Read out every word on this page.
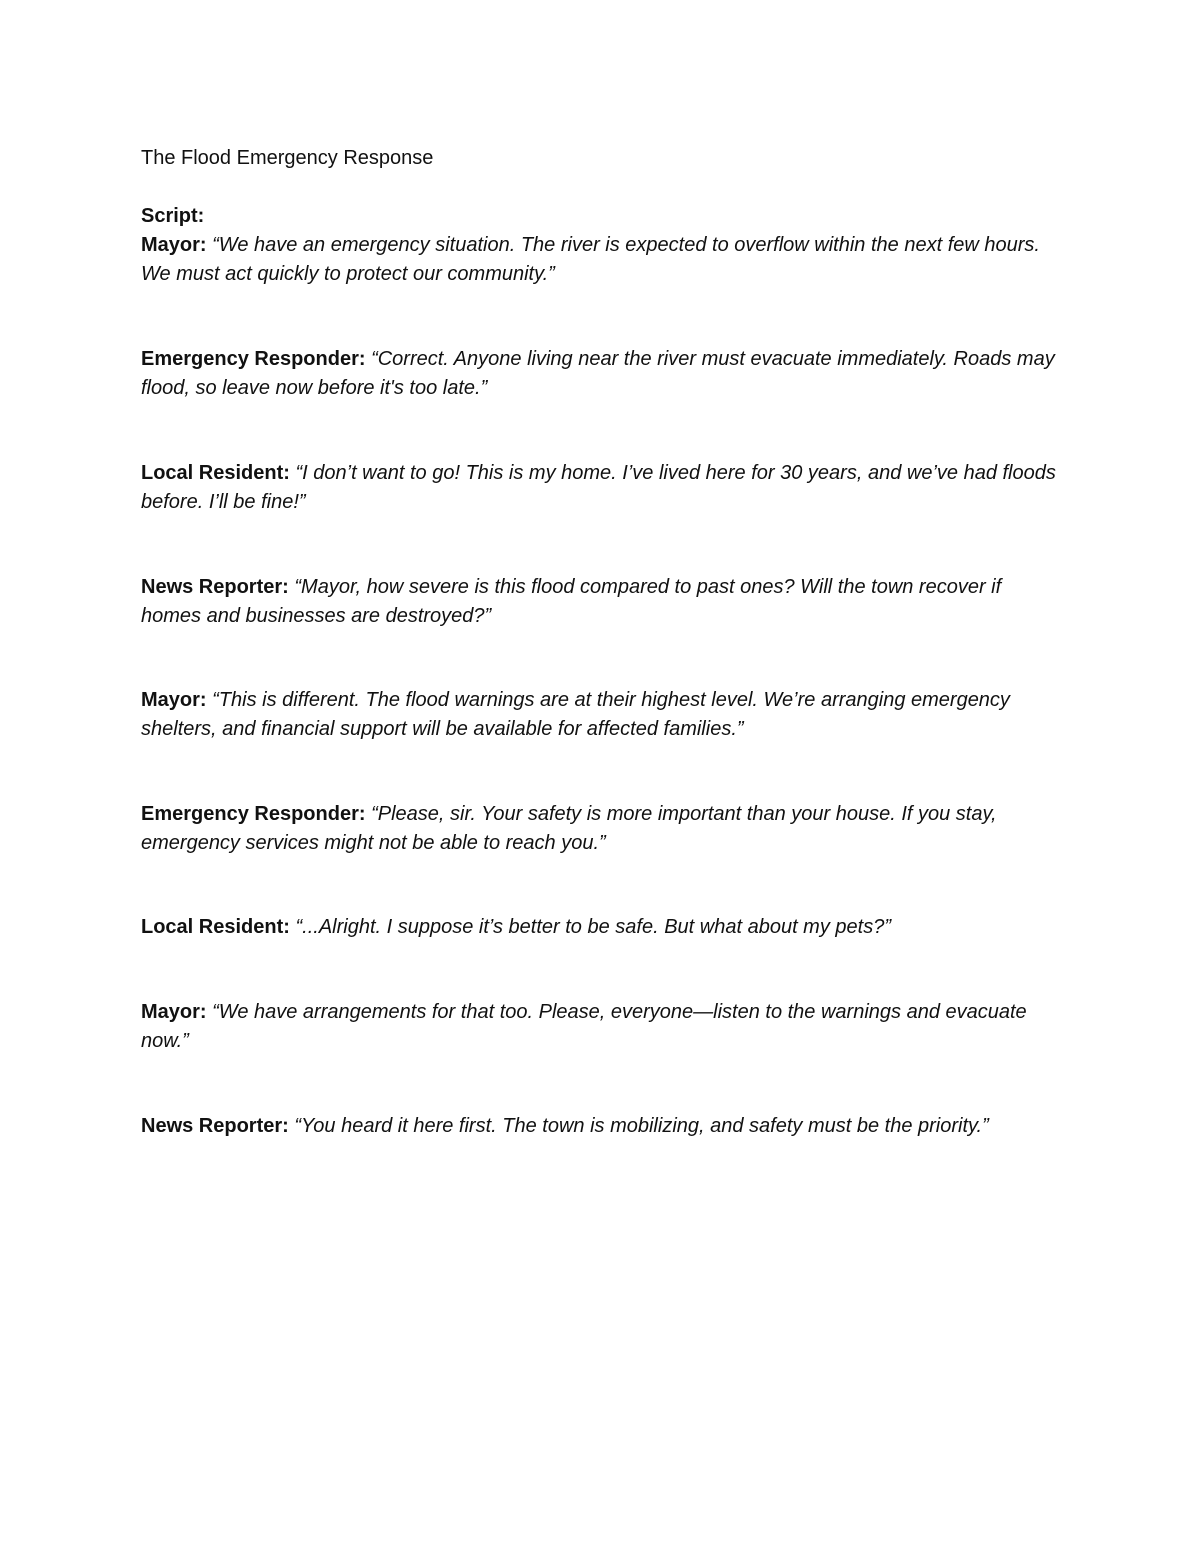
The Flood Emergency Response

Script:

Mayor: “We have an emergency situation. The river is expected to overflow within the next few hours. We must act quickly to protect our community.”

Emergency Responder: “Correct. Anyone living near the river must evacuate immediately. Roads may flood, so leave now before it's too late.”

Local Resident: “I don’t want to go! This is my home. I’ve lived here for 30 years, and we’ve had floods before. I’ll be fine!”

News Reporter: “Mayor, how severe is this flood compared to past ones? Will the town recover if homes and businesses are destroyed?”

Mayor: “This is different. The flood warnings are at their highest level. We’re arranging emergency shelters, and financial support will be available for affected families.”

Emergency Responder: “Please, sir. Your safety is more important than your house. If you stay, emergency services might not be able to reach you.”

Local Resident: “...Alright. I suppose it’s better to be safe. But what about my pets?”

Mayor: “We have arrangements for that too. Please, everyone—listen to the warnings and evacuate now.”

News Reporter: “You heard it here first. The town is mobilizing, and safety must be the priority.”
